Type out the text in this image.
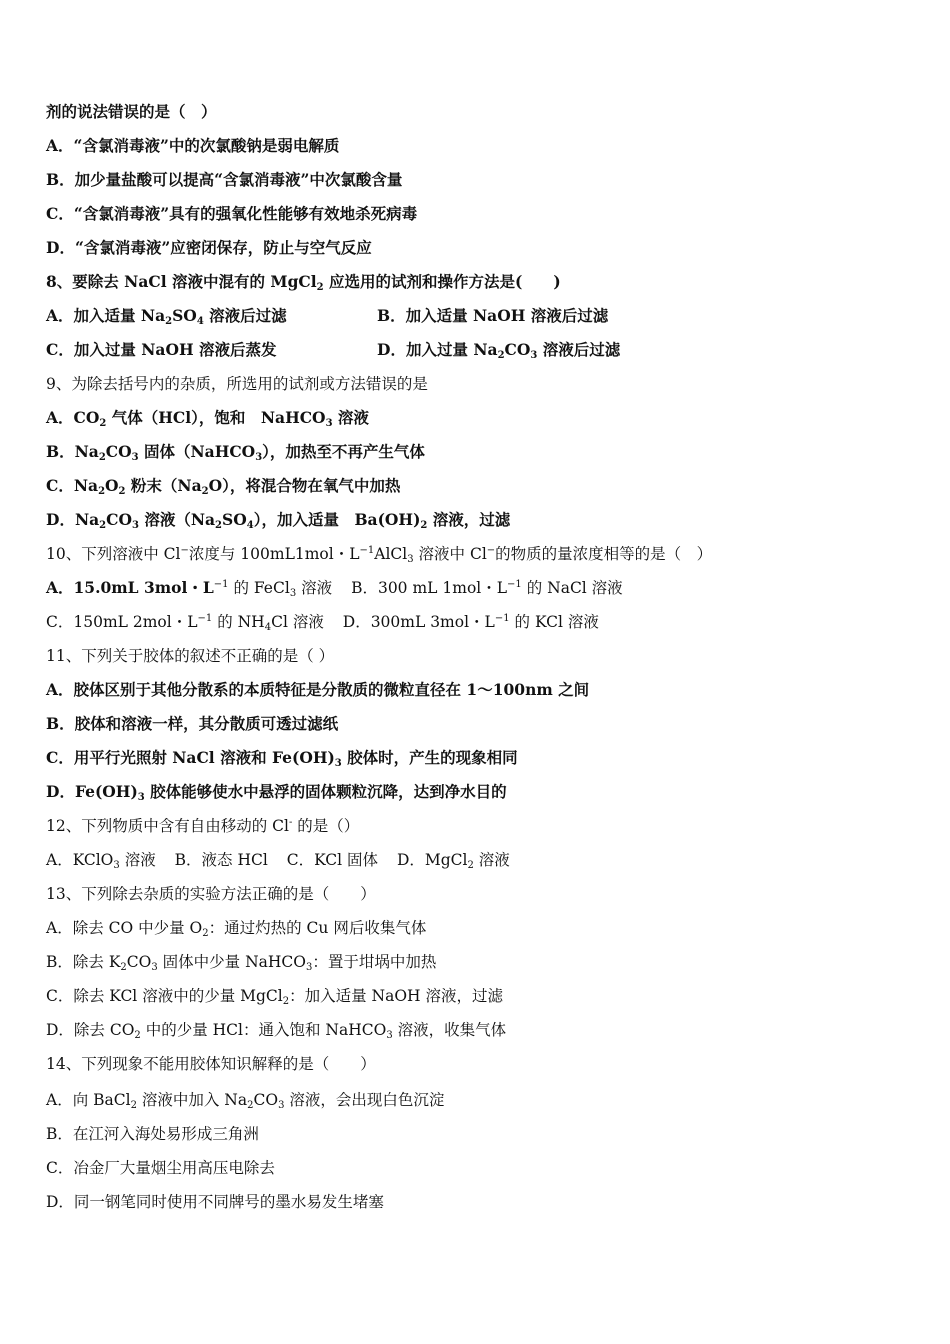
剂的说法错误的是（　）
A．“含氯消毒液”中的次氯酸钠是弱电解质
B．加少量盐酸可以提高“含氯消毒液”中次氯酸含量
C．“含氯消毒液”具有的强氧化性能够有效地杀死病毒
D．“含氯消毒液”应密闭保存，防止与空气反应
8、要除去 NaCl 溶液中混有的 MgCl$_2$ 应选用的试剂和操作方法是(　　)
A．加入适量 $Na_2SO_4$ 溶液后过滤	B．加入适量 NaOH 溶液后过滤
C．加入过量 NaOH 溶液后蒸发	D．加入过量 $Na_2CO_3$ 溶液后过滤
9、为除去括号内的杂质，所选用的试剂或方法错误的是
A．$CO_2$ 气体（HCl），饱和　NaHCO$_3$ 溶液
B．$Na_2CO_3$ 固体（NaHCO$_3$），加热至不再产生气体
C．$Na_2O_2$ 粉末$(Na_2O)$，将混合物在氧气中加热
D．$Na_2CO_3$ 溶液$(Na_2SO_4)$，加入适量　$Ba(OH)_2$ 溶液，过滤
10、下列溶液中 Cl−浓度与 100mL1mol・$L^{-1}AlCl_3$ 溶液中 Cl−的物质的量浓度相等的是（　）
A．15.0mL 3mol・$L^{-1}$ 的 FeCl$_3$ 溶液 B．300 mL 1mol・$L^{-1}$ 的 NaCl 溶液
C．150mL 2mol・$L^{-1}$ 的 $NH_4Cl$ 溶液 D．300mL 3mol・$L^{-1}$ 的 KCl 溶液
11、下列关于胶体的叙述不正确的是（ ）
A．胶体区别于其他分散系的本质特征是分散质的微粒直径在 1～100nm 之间
B．胶体和溶液一样，其分散质可透过滤纸
C．用平行光照射 NaCl 溶液和 $Fe(OH)_3$ 胶体时，产生的现象相同
D．$Fe(OH)_3$ 胶体能够使水中悬浮的固体颗粒沉降，达到净水目的
12、下列物质中含有自由移动的 Cl- 的是（）
A．KClO$_3$ 溶液 B．液态 HCl C．KCl 固体 D．MgCl$_2$ 溶液
13、下列除去杂质的实验方法正确的是（　　）
A．除去 CO 中少量 $O_2$：通过灼热的 Cu 网后收集气体
B．除去 $K_2CO_3$ 固体中少量 NaHCO$_3$：置于坩埚中加热
C．除去 KCl 溶液中的少量 MgCl$_2$：加入适量 NaOH 溶液，过滤
D．除去 $CO_2$ 中的少量 HCl：通入饱和 NaHCO$_3$ 溶液，收集气体
14、下列现象不能用胶体知识解释的是（　　）
A．向 BaCl$_2$ 溶液中加入 $Na_2CO_3$ 溶液，会出现白色沉淀
B．在江河入海处易形成三角洲
C．冶金厂大量烟尘用高压电除去
D．同一钢笔同时使用不同牌号的墨水易发生堵塞
